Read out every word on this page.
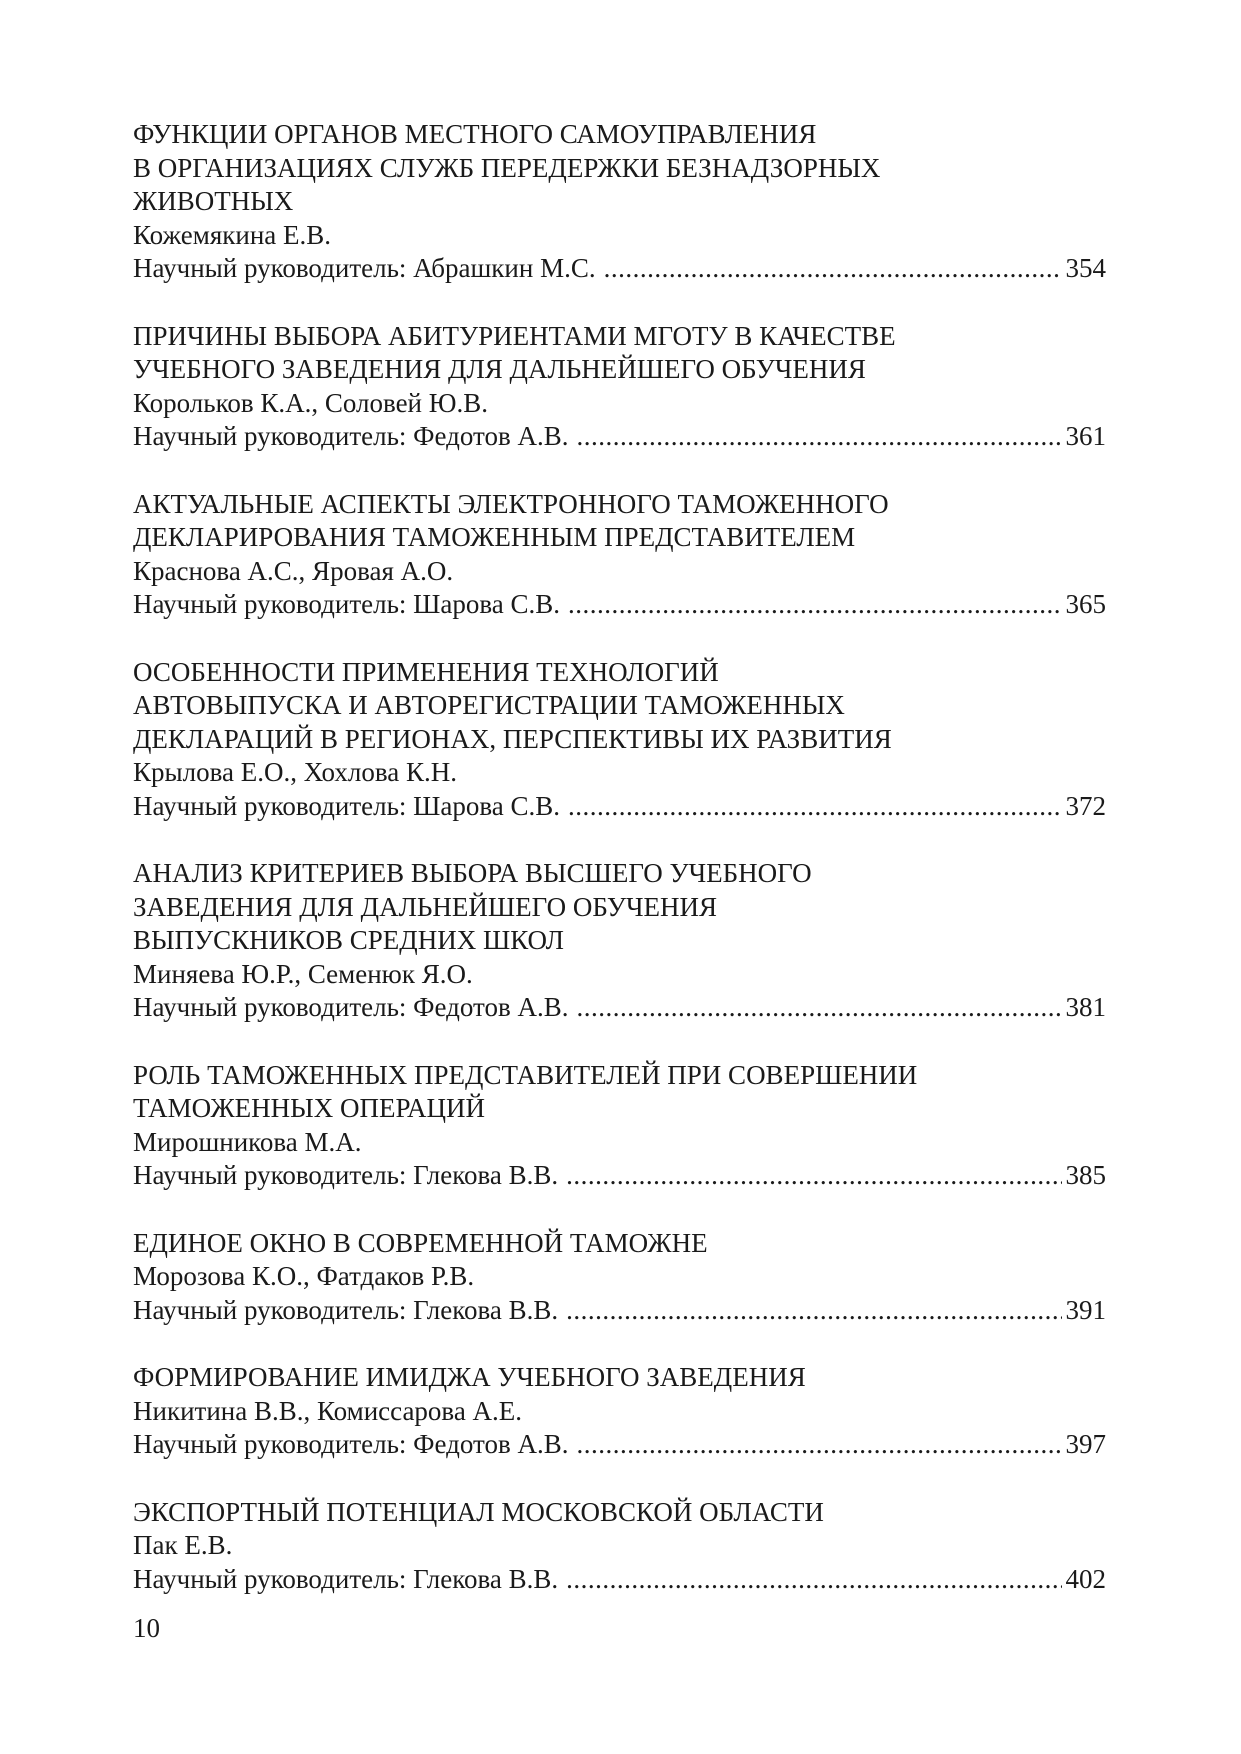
ФУНКЦИИ ОРГАНОВ МЕСТНОГО САМОУПРАВЛЕНИЯ
В ОРГАНИЗАЦИЯХ СЛУЖБ ПЕРЕДЕРЖКИ БЕЗНАДЗОРНЫХ
ЖИВОТНЫХ
Кожемякина Е.В.
Научный руководитель: Абрашкин М.С. .....	354
ПРИЧИНЫ ВЫБОРА АБИТУРИЕНТАМИ МГОТУ В КАЧЕСТВЕ
УЧЕБНОГО ЗАВЕДЕНИЯ ДЛЯ ДАЛЬНЕЙШЕГО ОБУЧЕНИЯ
Корольков К.А., Соловей Ю.В.
Научный руководитель: Федотов А.В. .....	361
АКТУАЛЬНЫЕ АСПЕКТЫ ЭЛЕКТРОННОГО ТАМОЖЕННОГО
ДЕКЛАРИРОВАНИЯ ТАМОЖЕННЫМ ПРЕДСТАВИТЕЛЕМ
Краснова А.С., Яровая А.О.
Научный руководитель: Шарова С.В. .....	365
ОСОБЕННОСТИ ПРИМЕНЕНИЯ ТЕХНОЛОГИЙ
АВТОВЫПУСКА И АВТОРЕГИСТРАЦИИ ТАМОЖЕННЫХ
ДЕКЛАРАЦИЙ В РЕГИОНАХ, ПЕРСПЕКТИВЫ ИХ РАЗВИТИЯ
Крылова Е.О., Хохлова К.Н.
Научный руководитель: Шарова С.В. .....	372
АНАЛИЗ КРИТЕРИЕВ ВЫБОРА ВЫСШЕГО УЧЕБНОГО
ЗАВЕДЕНИЯ ДЛЯ ДАЛЬНЕЙШЕГО ОБУЧЕНИЯ
ВЫПУСКНИКОВ СРЕДНИХ ШКОЛ
Миняева Ю.Р., Семенюк Я.О.
Научный руководитель: Федотов А.В. .....	381
РОЛЬ ТАМОЖЕННЫХ ПРЕДСТАВИТЕЛЕЙ ПРИ СОВЕРШЕНИИ
ТАМОЖЕННЫХ ОПЕРАЦИЙ
Мирошникова М.А.
Научный руководитель: Глекова В.В. .....	385
ЕДИНОЕ ОКНО В СОВРЕМЕННОЙ ТАМОЖНЕ
Морозова К.О., Фатдаков Р.В.
Научный руководитель: Глекова В.В. .....	391
ФОРМИРОВАНИЕ ИМИДЖА УЧЕБНОГО ЗАВЕДЕНИЯ
Никитина В.В., Комиссарова А.Е.
Научный руководитель: Федотов А.В. .....	397
ЭКСПОРТНЫЙ ПОТЕНЦИАЛ МОСКОВСКОЙ ОБЛАСТИ
Пак Е.В.
Научный руководитель: Глекова В.В. .....	402
10
